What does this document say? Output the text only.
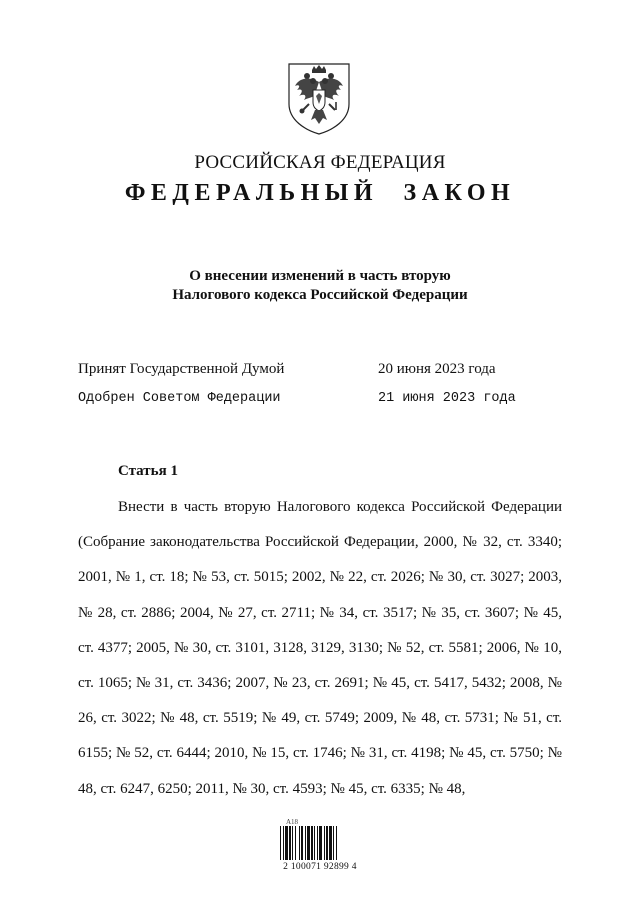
РОССИЙСКАЯ ФЕДЕРАЦИЯ
ФЕДЕРАЛЬНЫЙ ЗАКОН
О внесении изменений в часть вторую
Налогового кодекса Российской Федерации
Принят Государственной Думой	20 июня 2023 года
Одобрен Советом Федерации	21 июня 2023 года
Статья 1

Внести в часть вторую Налогового кодекса Российской Федерации (Собрание законодательства Российской Федерации, 2000, № 32, ст. 3340; 2001, № 1, ст. 18; № 53, ст. 5015; 2002, № 22, ст. 2026; № 30, ст. 3027; 2003, № 28, ст. 2886; 2004, № 27, ст. 2711; № 34, ст. 3517; № 35, ст. 3607; № 45, ст. 4377; 2005, № 30, ст. 3101, 3128, 3129, 3130; № 52, ст. 5581; 2006, № 10, ст. 1065; № 31, ст. 3436; 2007, № 23, ст. 2691; № 45, ст. 5417, 5432; 2008, № 26, ст. 3022; № 48, ст. 5519; № 49, ст. 5749; 2009, № 48, ст. 5731; № 51, ст. 6155; № 52, ст. 6444; 2010, № 15, ст. 1746; № 31, ст. 4198; № 45, ст. 5750; № 48, ст. 6247, 6250; 2011, № 30, ст. 4593; № 45, ст. 6335; № 48,

A18
2 100071 92899 4
